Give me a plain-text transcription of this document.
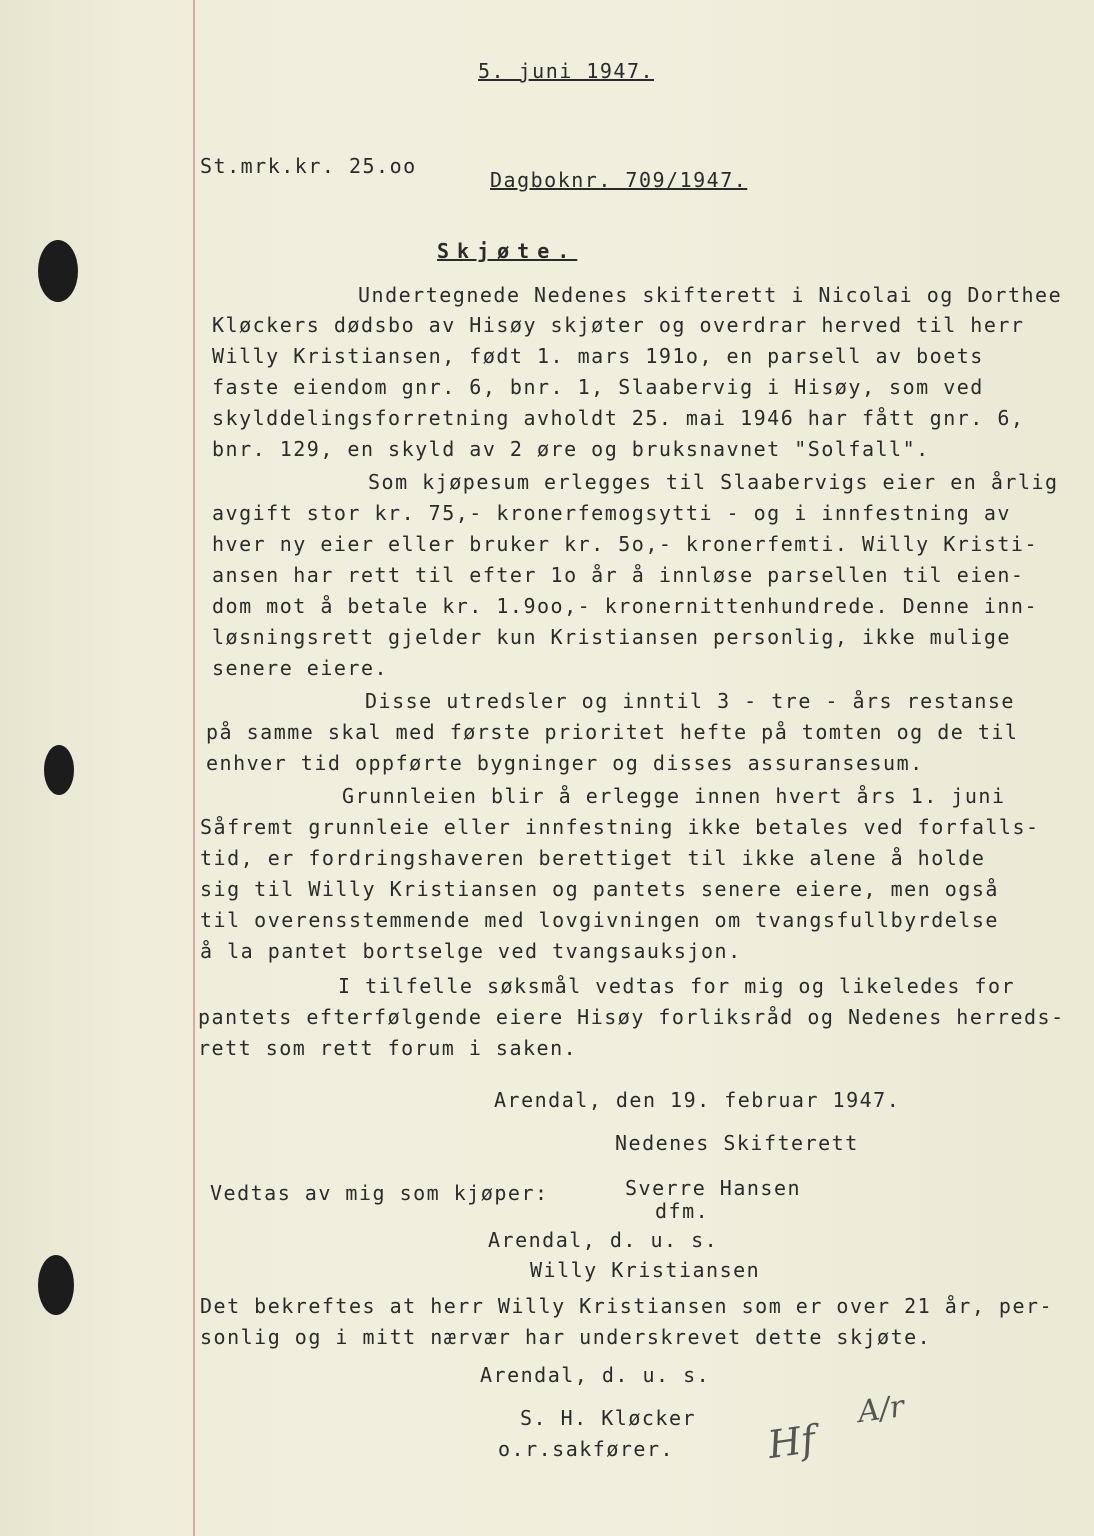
5. juni 1947.
St.mrk.kr. 25.oo
Dagboknr. 709/1947.
Skjøte.
Undertegnede Nedenes skifterett i Nicolai og Dorthee
Kløckers dødsbo av Hisøy skjøter og overdrar herved til herr
Willy Kristiansen, født 1. mars 191o, en parsell av boets
faste eiendom gnr. 6, bnr. 1, Slaabervig i Hisøy, som ved
skylddelingsforretning avholdt 25. mai 1946 har fått gnr. 6,
bnr. 129, en skyld av 2 øre og bruksnavnet "Solfall".
Som kjøpesum erlegges til Slaabervigs eier en årlig
avgift stor kr. 75,- kronerfemogsytti - og i innfestning av
hver ny eier eller bruker kr. 5o,- kronerfemti. Willy Kristi-
ansen har rett til efter 1o år å innløse parsellen til eien-
dom mot å betale kr. 1.9oo,- kronernittenhundrede. Denne inn-
løsningsrett gjelder kun Kristiansen personlig, ikke mulige
senere eiere.
Disse utredsler og inntil 3 - tre - års restanse
på samme skal med første prioritet hefte på tomten og de til
enhver tid oppførte bygninger og disses assuransesum.
Grunnleien blir å erlegge innen hvert års 1. juni
Såfremt grunnleie eller innfestning ikke betales ved forfalls-
tid, er fordringshaveren berettiget til ikke alene å holde
sig til Willy Kristiansen og pantets senere eiere, men også
til overensstemmende med lovgivningen om tvangsfullbyrdelse
å la pantet bortselge ved tvangsauksjon.
I tilfelle søksmål vedtas for mig og likeledes for
pantets efterfølgende eiere Hisøy forliksråd og Nedenes herreds-
rett som rett forum i saken.
Arendal, den 19. februar 1947.
Nedenes Skifterett
Vedtas av mig som kjøper:	Sverre Hansen
dfm.
Arendal, d. u. s.
Willy Kristiansen
Det bekreftes at herr Willy Kristiansen som er over 21 år, per-
sonlig og i mitt nærvær har underskrevet dette skjøte.
Arendal, d. u. s.
S. H. Kløcker
o.r.sakfører. Hf
A/r
